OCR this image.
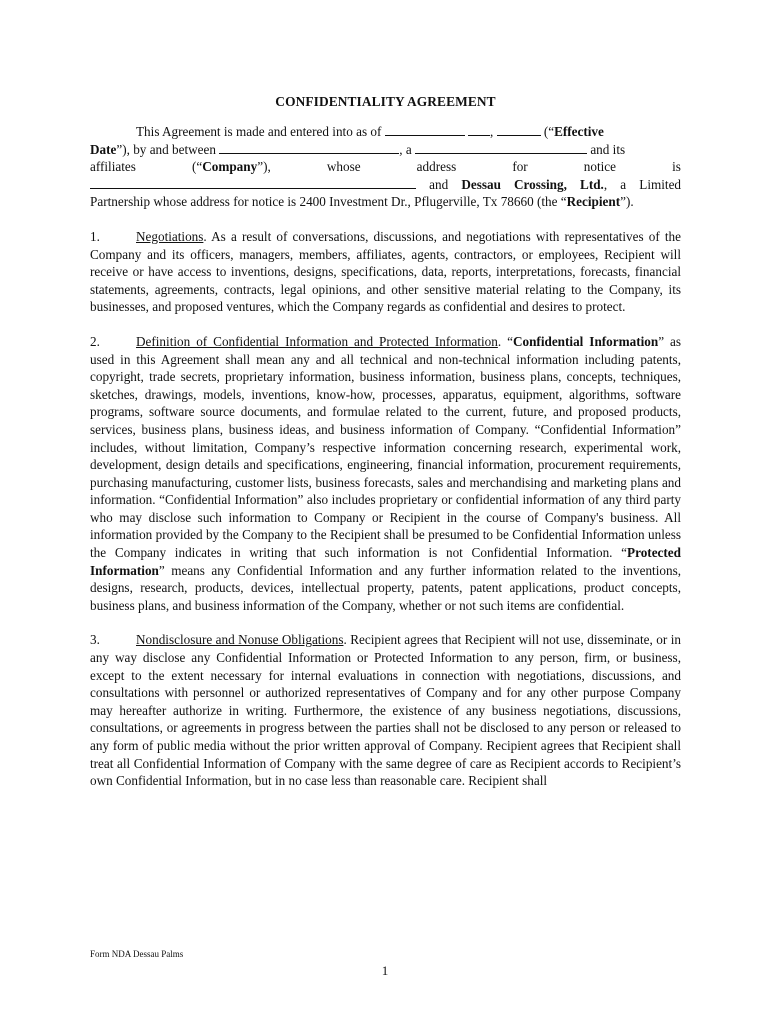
CONFIDENTIALITY AGREEMENT

This Agreement is made and entered into as of	,	(“Effective

Date”), by and between	, a	and its

affiliates	(“Company”),	whose	address	for	notice	is

and Dessau Crossing, Ltd., a Limited Partnership whose address for notice is 2400 Investment Dr., Pflugerville, Tx 78660 (the “Recipient”).

1.	Negotiations. As a result of conversations, discussions, and negotiations with representatives of the Company and its officers, managers, members, affiliates, agents, contractors, or employees, Recipient will receive or have access to inventions, designs, specifications, data, reports, interpretations, forecasts, financial statements, agreements, contracts, legal opinions, and other sensitive material relating to the Company, its businesses, and proposed ventures, which the Company regards as confidential and desires to protect.

2.	Definition of Confidential Information and Protected Information. “Confidential Information” as used in this Agreement shall mean any and all technical and non-technical information including patents, copyright, trade secrets, proprietary information, business information, business plans, concepts, techniques, sketches, drawings, models, inventions, know-how, processes, apparatus, equipment, algorithms, software programs, software source documents, and formulae related to the current, future, and proposed products, services, business plans, business ideas, and business information of Company. “Confidential Information” includes, without limitation, Company’s respective information concerning research, experimental work, development, design details and specifications, engineering, financial information, procurement requirements, purchasing manufacturing, customer lists, business forecasts, sales and merchandising and marketing plans and information. “Confidential Information” also includes proprietary or confidential information of any third party who may disclose such information to Company or Recipient in the course of Company's business. All information provided by the Company to the Recipient shall be presumed to be Confidential Information unless the Company indicates in writing that such information is not Confidential Information. “Protected Information” means any Confidential Information and any further information related to the inventions, designs, research, products, devices, intellectual property, patents, patent applications, product concepts, business plans, and business information of the Company, whether or not such items are confidential.

3.	Nondisclosure and Nonuse Obligations. Recipient agrees that Recipient will not use, disseminate, or in any way disclose any Confidential Information or Protected Information to any person, firm, or business, except to the extent necessary for internal evaluations in connection with negotiations, discussions, and consultations with personnel or authorized representatives of Company and for any other purpose Company may hereafter authorize in writing. Furthermore, the existence of any business negotiations, discussions, consultations, or agreements in progress between the parties shall not be disclosed to any person or released to any form of public media without the prior written approval of Company. Recipient agrees that Recipient shall treat all Confidential Information of Company with the same degree of care as Recipient accords to Recipient’s own Confidential Information, but in no case less than reasonable care. Recipient shall

Form NDA Dessau Palms
1
